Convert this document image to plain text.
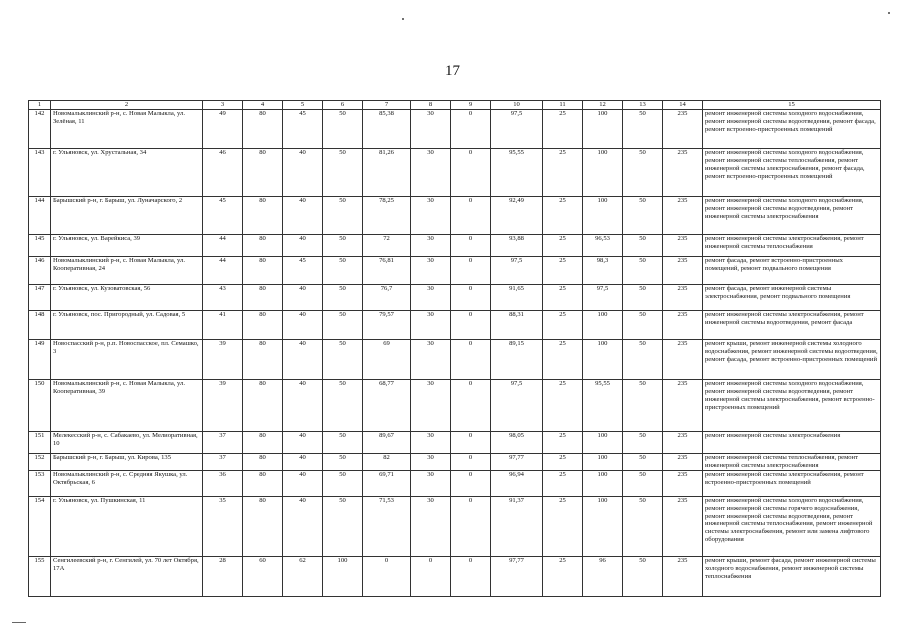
17
1	2	3	4	5	6	7	8	9	10	11	12	13	14	15
142	Новомалыклинский р-н, с. Новая Малыкла, ул. Зелёная, 11	49	80	45	50	85,38	30	0	97,5	25	100	50	235	ремонт инженерной системы холодного водоснабжения, ремонт инженерной системы водоотведения, ремонт фасада, ремонт встроенно-пристроенных помещений
143	г. Ульяновск, ул. Хрустальная, 34	46	80	40	50	81,26	30	0	95,55	25	100	50	235	ремонт инженерной системы холодного водоснабжения, ремонт инженерной системы теплоснабжения, ремонт инженерной системы электроснабжения, ремонт фасада, ремонт встроенно-пристроенных помещений
144	Барышский р-н, г. Барыш, ул. Луначарского, 2	45	80	40	50	78,25	30	0	92,49	25	100	50	235	ремонт инженерной системы холодного водоснабжения, ремонт инженерной системы водоотведения, ремонт инженерной системы электроснабжения
145	г. Ульяновск, ул. Варейкиса, 39	44	80	40	50	72	30	0	93,88	25	96,53	50	235	ремонт инженерной системы электроснабжения, ремонт инженерной системы теплоснабжения
146	Новомалыклинский р-н, с. Новая Малыкла, ул. Кооперативная, 24	44	80	45	50	76,81	30	0	97,5	25	98,3	50	235	ремонт фасада, ремонт встроенно-пристроенных помещений, ремонт подвального помещения
147	г. Ульяновск, ул. Кузоватовская, 56	43	80	40	50	76,7	30	0	91,65	25	97,5	50	235	ремонт фасада, ремонт инженерной системы электроснабжения, ремонт подвального помещения
148	г. Ульяновск, пос. Пригородный, ул. Садовая, 5	41	80	40	50	79,57	30	0	88,31	25	100	50	235	ремонт инженерной системы электроснабжения, ремонт инженерной системы водоотведения, ремонт фасада
149	Новоспасский р-н, р.п. Новоспасское, пл. Семашко, 3	39	80	40	50	69	30	0	89,15	25	100	50	235	ремонт крыши, ремонт инженерной системы холодного водоснабжения, ремонт инженерной системы водоотведения, ремонт фасада, ремонт встроенно-пристроенных помещений
150	Новомалыклинский р-н, с. Новая Малыкла, ул. Кооперативная, 39	39	80	40	50	68,77	30	0	97,5	25	95,55	50	235	ремонт инженерной системы холодного водоснабжения, ремонт инженерной системы водоотведения, ремонт инженерной системы электроснабжения, ремонт встроенно-пристроенных помещений
151	Мелекесский р-н, с. Сабакаево, ул. Мелиоративная, 10	37	80	40	50	89,67	30	0	98,05	25	100	50	235	ремонт инженерной системы электроснабжения
152	Барышский р-н, г. Барыш, ул. Кирова, 135	37	80	40	50	82	30	0	97,77	25	100	50	235	ремонт инженерной системы теплоснабжения, ремонт инженерной системы электроснабжения
153	Новомалыклинский р-н, с. Средняя Якушка, ул. Октябрьская, 6	36	80	40	50	69,71	30	0	96,94	25	100	50	235	ремонт инженерной системы электроснабжения, ремонт встроенно-пристроенных помещений
154	г. Ульяновск, ул. Пушкинская, 11	35	80	40	50	71,53	30	0	91,37	25	100	50	235	ремонт инженерной системы холодного водоснабжения, ремонт инженерной системы горячего водоснабжения, ремонт инженерной системы водоотведения, ремонт инженерной системы теплоснабжения, ремонт инженерной системы электроснабжения, ремонт или замена лифтового оборудования
155	Сенгилеевский р-н, г. Сенгилей, ул. 70 лет Октября, 17А	28	60	62	100	0	0	0	97,77	25	96	50	235	ремонт крыши, ремонт фасада, ремонт инженерной системы холодного водоснабжения, ремонт инженерной системы теплоснабжения
